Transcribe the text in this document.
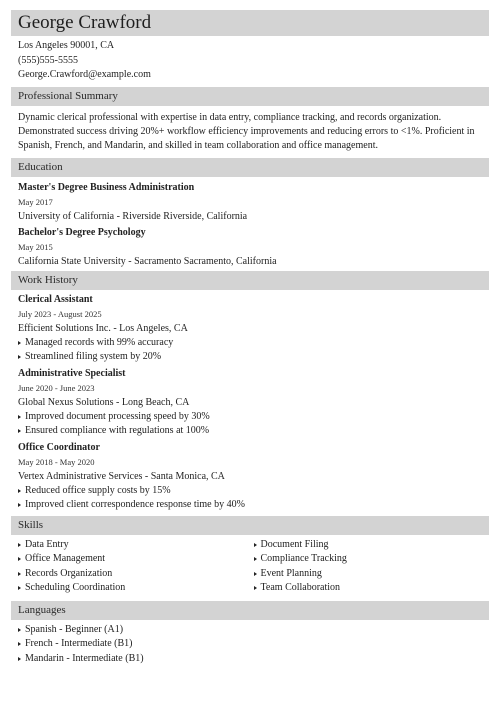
George Crawford
Los Angeles 90001, CA
(555)555-5555
George.Crawford@example.com
Professional Summary
Dynamic clerical professional with expertise in data entry, compliance tracking, and records organization. Demonstrated success driving 20%+ workflow efficiency improvements and reducing errors to <1%. Proficient in Spanish, French, and Mandarin, and skilled in team collaboration and office management.
Education
Master's Degree Business Administration
May 2017
University of California - Riverside Riverside, California
Bachelor's Degree Psychology
May 2015
California State University - Sacramento Sacramento, California
Work History
Clerical Assistant
July 2023 - August 2025
Efficient Solutions Inc. - Los Angeles, CA
Managed records with 99% accuracy
Streamlined filing system by 20%
Administrative Specialist
June 2020 - June 2023
Global Nexus Solutions - Long Beach, CA
Improved document processing speed by 30%
Ensured compliance with regulations at 100%
Office Coordinator
May 2018 - May 2020
Vertex Administrative Services - Santa Monica, CA
Reduced office supply costs by 15%
Improved client correspondence response time by 40%
Skills
Data Entry
Office Management
Records Organization
Scheduling Coordination
Document Filing
Compliance Tracking
Event Planning
Team Collaboration
Languages
Spanish - Beginner (A1)
French - Intermediate (B1)
Mandarin - Intermediate (B1)
